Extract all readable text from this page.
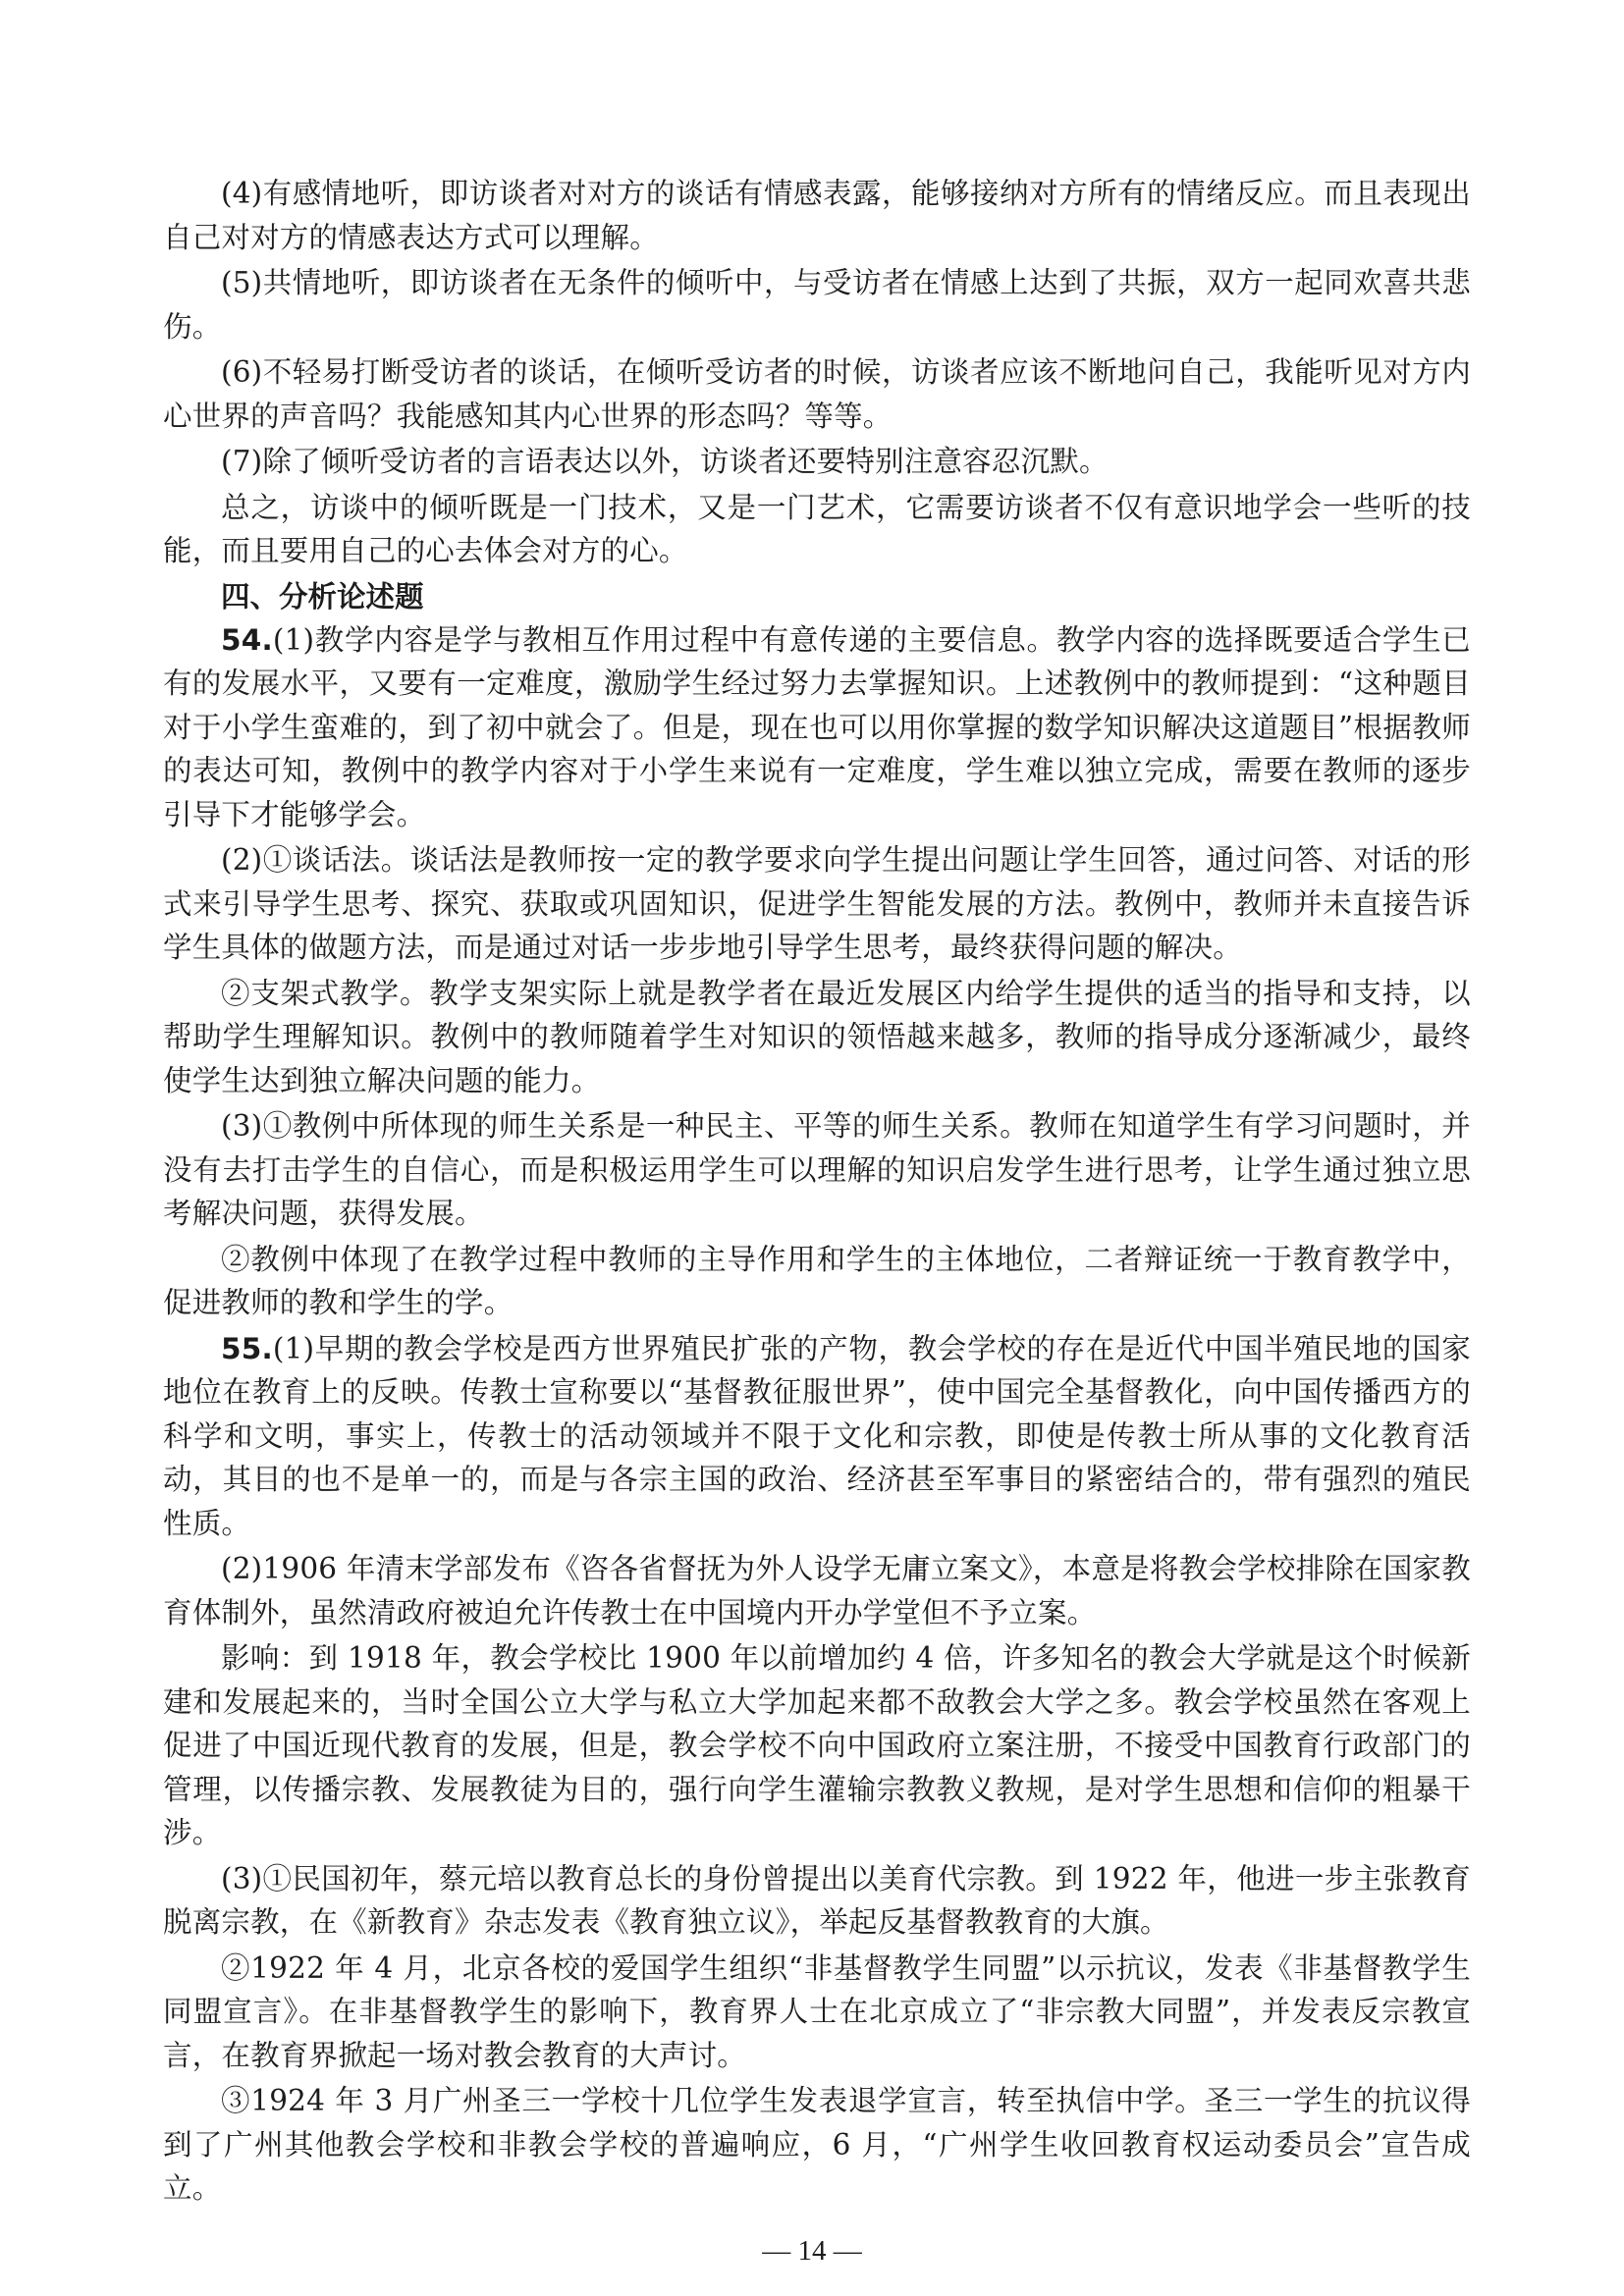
(4)有感情地听，即访谈者对对方的谈话有情感表露，能够接纳对方所有的情绪反应。而且表现出自己对对方的情感表达方式可以理解。

(5)共情地听，即访谈者在无条件的倾听中，与受访者在情感上达到了共振，双方一起同欢喜共悲伤。

(6)不轻易打断受访者的谈话，在倾听受访者的时候，访谈者应该不断地问自己，我能听见对方内心世界的声音吗？我能感知其内心世界的形态吗？等等。

(7)除了倾听受访者的言语表达以外，访谈者还要特别注意容忍沉默。

总之，访谈中的倾听既是一门技术，又是一门艺术，它需要访谈者不仅有意识地学会一些听的技能，而且要用自己的心去体会对方的心。

四、分析论述题

54.(1)教学内容是学与教相互作用过程中有意传递的主要信息。教学内容的选择既要适合学生已有的发展水平，又要有一定难度，激励学生经过努力去掌握知识。上述教例中的教师提到：“这种题目对于小学生蛮难的，到了初中就会了。但是，现在也可以用你掌握的数学知识解决这道题目”根据教师的表达可知，教例中的教学内容对于小学生来说有一定难度，学生难以独立完成，需要在教师的逐步引导下才能够学会。

(2)①谈话法。谈话法是教师按一定的教学要求向学生提出问题让学生回答，通过问答、对话的形式来引导学生思考、探究、获取或巩固知识，促进学生智能发展的方法。教例中，教师并未直接告诉学生具体的做题方法，而是通过对话一步步地引导学生思考，最终获得问题的解决。

②支架式教学。教学支架实际上就是教学者在最近发展区内给学生提供的适当的指导和支持，以帮助学生理解知识。教例中的教师随着学生对知识的领悟越来越多，教师的指导成分逐渐减少，最终使学生达到独立解决问题的能力。

(3)①教例中所体现的师生关系是一种民主、平等的师生关系。教师在知道学生有学习问题时，并没有去打击学生的自信心，而是积极运用学生可以理解的知识启发学生进行思考，让学生通过独立思考解决问题，获得发展。

②教例中体现了在教学过程中教师的主导作用和学生的主体地位，二者辩证统一于教育教学中，促进教师的教和学生的学。

55.(1)早期的教会学校是西方世界殖民扩张的产物，教会学校的存在是近代中国半殖民地的国家地位在教育上的反映。传教士宣称要以“基督教征服世界”，使中国完全基督教化，向中国传播西方的科学和文明，事实上，传教士的活动领域并不限于文化和宗教，即使是传教士所从事的文化教育活动，其目的也不是单一的，而是与各宗主国的政治、经济甚至军事目的紧密结合的，带有强烈的殖民性质。

(2)1906 年清末学部发布《咨各省督抚为外人设学无庸立案文》，本意是将教会学校排除在国家教育体制外，虽然清政府被迫允许传教士在中国境内开办学堂但不予立案。

影响：到 1918 年，教会学校比 1900 年以前增加约 4 倍，许多知名的教会大学就是这个时候新建和发展起来的，当时全国公立大学与私立大学加起来都不敌教会大学之多。教会学校虽然在客观上促进了中国近现代教育的发展，但是，教会学校不向中国政府立案注册，不接受中国教育行政部门的管理，以传播宗教、发展教徒为目的，强行向学生灌输宗教教义教规，是对学生思想和信仰的粗暴干涉。

(3)①民国初年，蔡元培以教育总长的身份曾提出以美育代宗教。到 1922 年，他进一步主张教育脱离宗教，在《新教育》杂志发表《教育独立议》，举起反基督教教育的大旗。

②1922 年 4 月，北京各校的爱国学生组织“非基督教学生同盟”以示抗议，发表《非基督教学生同盟宣言》。在非基督教学生的影响下，教育界人士在北京成立了“非宗教大同盟”，并发表反宗教宣言，在教育界掀起一场对教会教育的大声讨。

③1924 年 3 月广州圣三一学校十几位学生发表退学宣言，转至执信中学。圣三一学生的抗议得到了广州其他教会学校和非教会学校的普遍响应，6 月，“广州学生收回教育权运动委员会”宣告成立。

— 14 —
